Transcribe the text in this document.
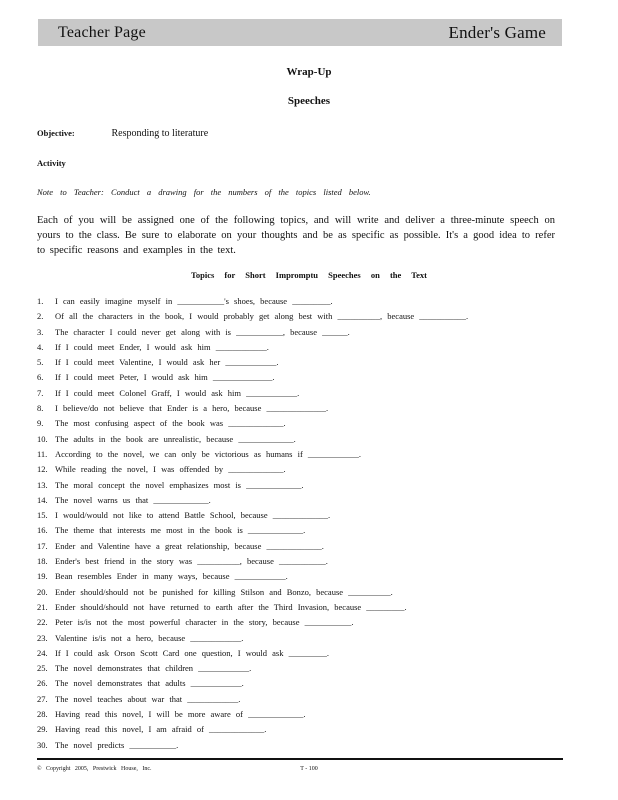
Teacher Page	Ender's Game
Wrap-Up
Speeches
Objective:	Responding to literature
Activity
Note to Teacher: Conduct a drawing for the numbers of the topics listed below.
Each of you will be assigned one of the following topics, and will write and deliver a three-minute speech on yours to the class. Be sure to elaborate on your thoughts and be as specific as possible. It's a good idea to refer to specific reasons and examples in the text.
Topics for Short Impromptu Speeches on the Text
1. I can easily imagine myself in ___________'s shoes, because _________.
2. Of all the characters in the book, I would probably get along best with __________, because ___________.
3. The character I could never get along with is ___________, because ______.
4. If I could meet Ender, I would ask him ____________.
5. If I could meet Valentine, I would ask her ____________.
6. If I could meet Peter, I would ask him ______________.
7. If I could meet Colonel Graff, I would ask him ____________.
8. I believe/do not believe that Ender is a hero, because ______________.
9. The most confusing aspect of the book was _____________.
10. The adults in the book are unrealistic, because _____________.
11. According to the novel, we can only be victorious as humans if ____________.
12. While reading the novel, I was offended by _____________.
13. The moral concept the novel emphasizes most is _____________.
14. The novel warns us that _____________.
15. I would/would not like to attend Battle School, because _____________.
16. The theme that interests me most in the book is _____________.
17. Ender and Valentine have a great relationship, because _____________.
18. Ender's best friend in the story was __________, because ___________.
19. Bean resembles Ender in many ways, because ____________.
20. Ender should/should not be punished for killing Stilson and Bonzo, because __________.
21. Ender should/should not have returned to earth after the Third Invasion, because _________.
22. Peter is/is not the most powerful character in the story, because ___________.
23. Valentine is/is not a hero, because ____________.
24. If I could ask Orson Scott Card one question, I would ask _________.
25. The novel demonstrates that children ____________.
26. The novel demonstrates that adults ____________.
27. The novel teaches about war that ____________.
28. Having read this novel, I will be more aware of _____________.
29. Having read this novel, I am afraid of _____________.
30. The novel predicts ___________.
© Copyright 2005, Prestwick House, Inc.	T - 100
